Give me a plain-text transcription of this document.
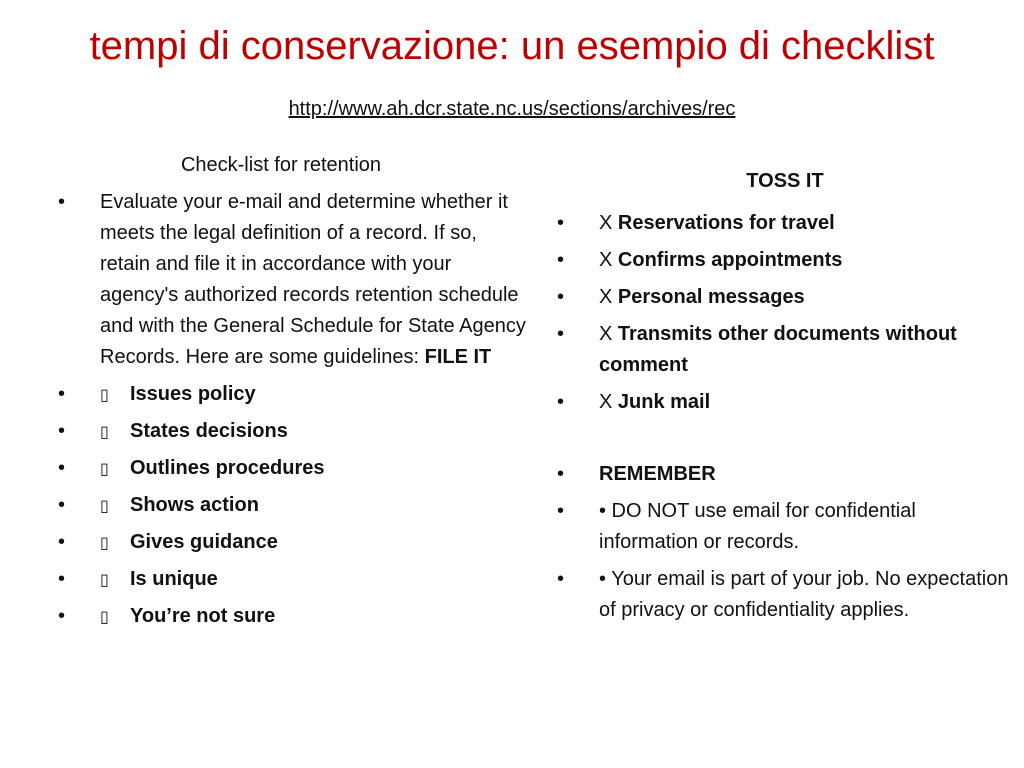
tempi di conservazione: un esempio di checklist
http://www.ah.dcr.state.nc.us/sections/archives/rec
Check-list for retention
• Evaluate your e-mail and determine whether it meets the legal definition of a record. If so, retain and file it in accordance with your agency's authorized records retention schedule and with the General Schedule for State Agency Records. Here are some guidelines: FILE IT
• ▯ Issues policy
• ▯ States decisions
• ▯ Outlines procedures
• ▯ Shows action
• ▯ Gives guidance
• ▯ Is unique
• ▯ You’re not sure
TOSS IT
• X Reservations for travel
• X Confirms appointments
• X Personal messages
• X Transmits other documents without comment
• X Junk mail
• REMEMBER
• • DO NOT use email for confidential information or records.
• • Your email is part of your job. No expectation of privacy or confidentiality applies.
